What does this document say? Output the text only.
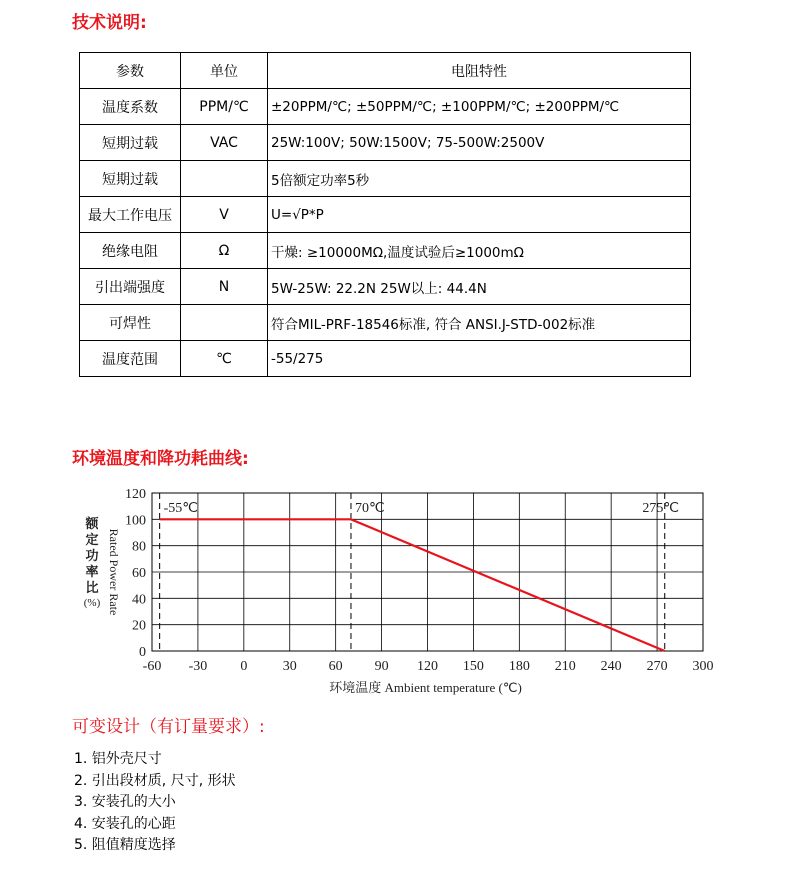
技术说明:
参数	单位	电阻特性
温度系数	PPM/℃	±20PPM/℃; ±50PPM/℃; ±100PPM/℃; ±200PPM/℃
短期过载	VAC	25W:100V; 50W:1500V; 75-500W:2500V
短期过载		5倍额定功率5秒
最大工作电压	V	U=√P*P
绝缘电阻	Ω	干燥: ≥10000MΩ,温度试验后≥1000mΩ
引出端强度	N	5W-25W: 22.2N 25W以上: 44.4N
可焊性		符合MIL-PRF-18546标准, 符合 ANSI.J-STD-002标准
温度范围	℃	-55/275
环境温度和降功耗曲线:
-60 -30 0	30 60 90 120 150 180 210 240 270 300
0
20
40
60
80
100
120
-55℃	70℃	275℃
环境温度 Ambient temperature (℃)
额
定
功
率
比
(%) Rated Power Rate
可变设计（有订量要求）:
1. 铝外壳尺寸
2. 引出段材质, 尺寸, 形状
3. 安装孔的大小
4. 安装孔的心距
5. 阻值精度选择
